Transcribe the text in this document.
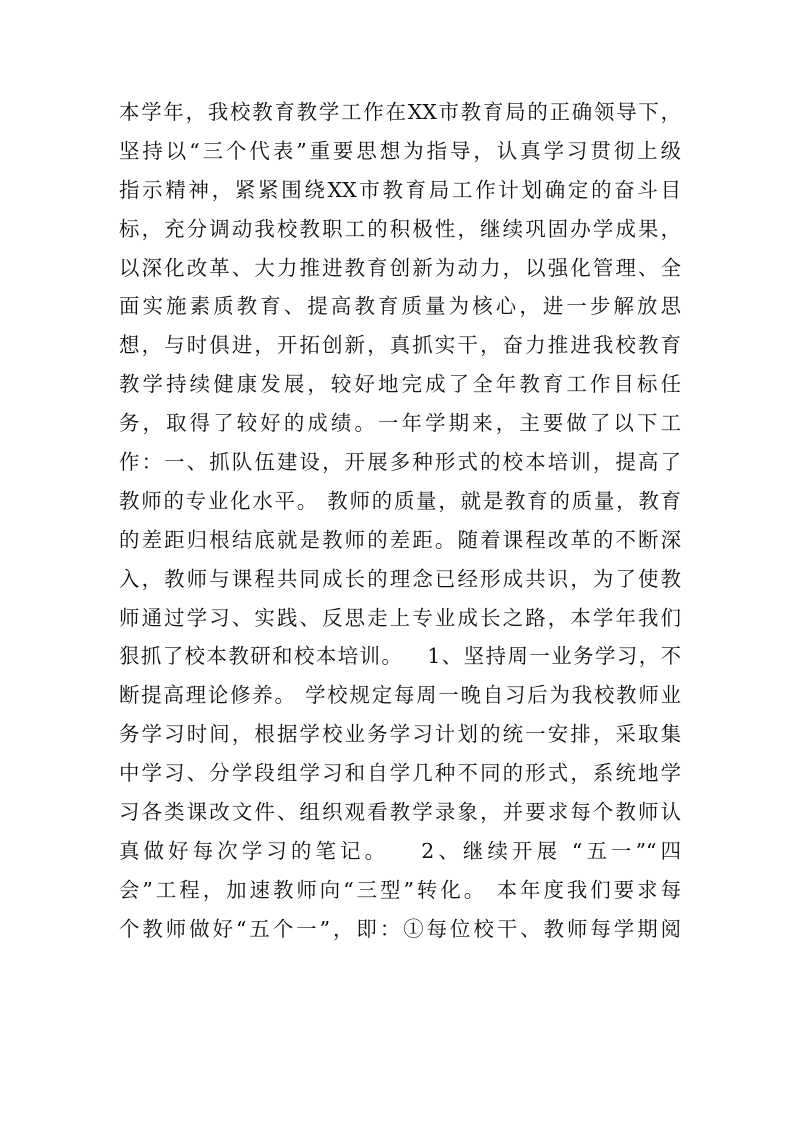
本学年，我校教育教学工作在XX市教育局的正确领导下，
坚持以“三个代表”重要思想为指导，认真学习贯彻上级
指示精神，紧紧围绕XX市教育局工作计划确定的奋斗目
标，充分调动我校教职工的积极性，继续巩固办学成果，
以深化改革、大力推进教育创新为动力，以强化管理、全
面实施素质教育、提高教育质量为核心，进一步解放思
想，与时俱进，开拓创新，真抓实干，奋力推进我校教育
教学持续健康发展，较好地完成了全年教育工作目标任
务，取得了较好的成绩。一年学期来，主要做了以下工
作：一、抓队伍建设，开展多种形式的校本培训，提高了
教师的专业化水平。 教师的质量，就是教育的质量，教育
的差距归根结底就是教师的差距。随着课程改革的不断深
入，教师与课程共同成长的理念已经形成共识，为了使教
师通过学习、实践、反思走上专业成长之路，本学年我们
狠抓了校本教研和校本培训。   1、坚持周一业务学习，不
断提高理论修养。 学校规定每周一晚自习后为我校教师业
务学习时间，根据学校业务学习计划的统一安排，采取集
中学习、分学段组学习和自学几种不同的形式，系统地学
习各类课改文件、组织观看教学录象，并要求每个教师认
真做好每次学习的笔记。   2、继续开展 “五一”“四
会”工程，加速教师向“三型”转化。 本年度我们要求每
个教师做好“五个一”，即：①每位校干、教师每学期阅
